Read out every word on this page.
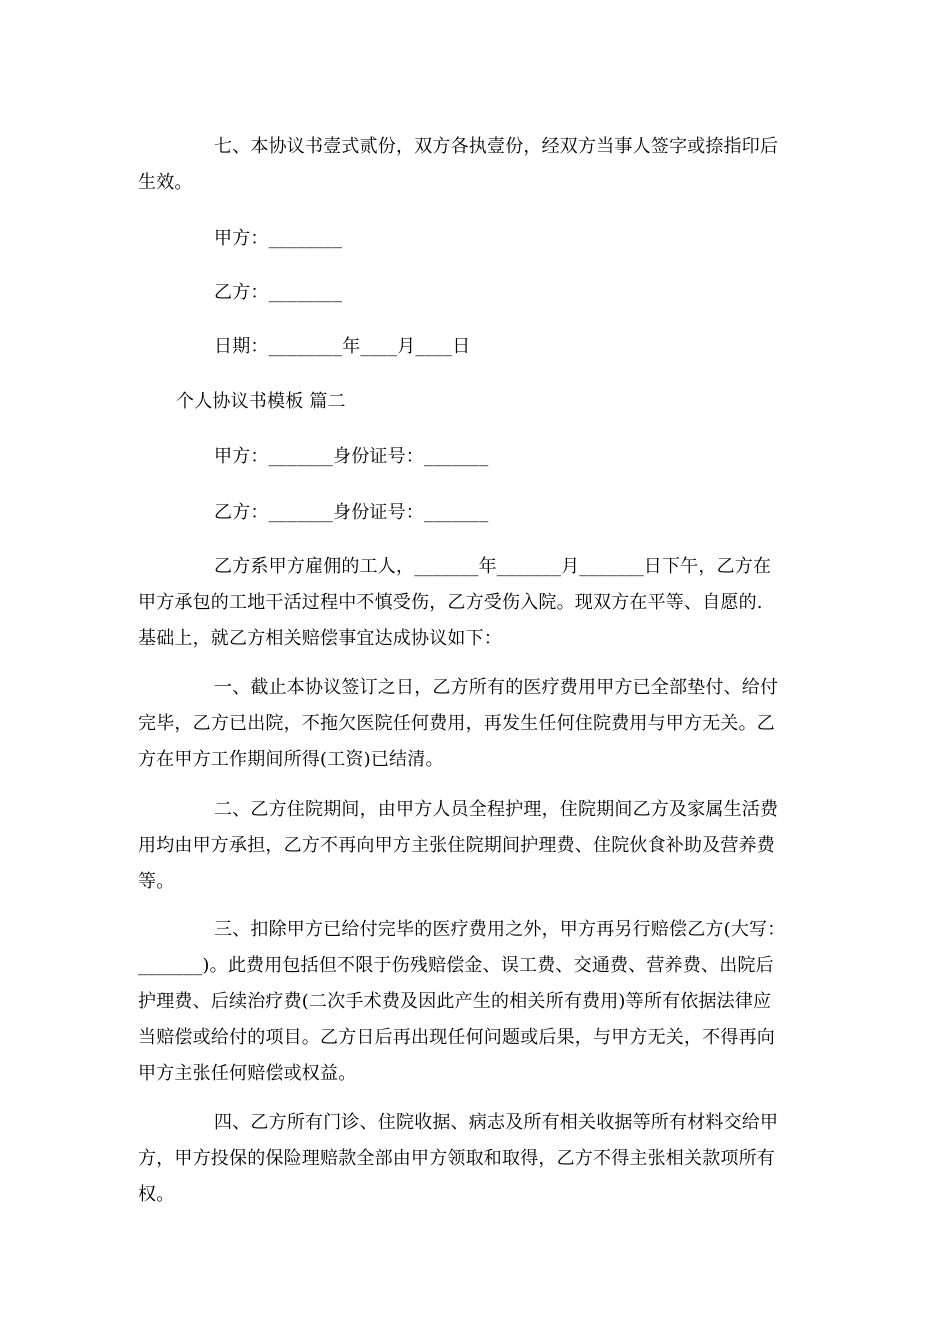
七、本协议书壹式贰份，双方各执壹份，经双方当事人签字或捺指印后
生效。
甲方：________
乙方：________
日期：________年____月____日
个人协议书模板 篇二
甲方：_______身份证号：_______
乙方：_______身份证号：_______
乙方系甲方雇佣的工人，_______年_______月_______日下午，乙方在
甲方承包的工地干活过程中不慎受伤，乙方受伤入院。现双方在平等、自愿的.
基础上，就乙方相关赔偿事宜达成协议如下：
一、截止本协议签订之日，乙方所有的医疗费用甲方已全部垫付、给付
完毕，乙方已出院，不拖欠医院任何费用，再发生任何住院费用与甲方无关。乙
方在甲方工作期间所得(工资)已结清。
二、乙方住院期间，由甲方人员全程护理，住院期间乙方及家属生活费
用均由甲方承担，乙方不再向甲方主张住院期间护理费、住院伙食补助及营养费
等。
三、扣除甲方已给付完毕的医疗费用之外，甲方再另行赔偿乙方(大写：
_______)。此费用包括但不限于伤残赔偿金、误工费、交通费、营养费、出院后
护理费、后续治疗费(二次手术费及因此产生的相关所有费用)等所有依据法律应
当赔偿或给付的项目。乙方日后再出现任何问题或后果，与甲方无关，不得再向
甲方主张任何赔偿或权益。
四、乙方所有门诊、住院收据、病志及所有相关收据等所有材料交给甲
方，甲方投保的保险理赔款全部由甲方领取和取得，乙方不得主张相关款项所有
权。
